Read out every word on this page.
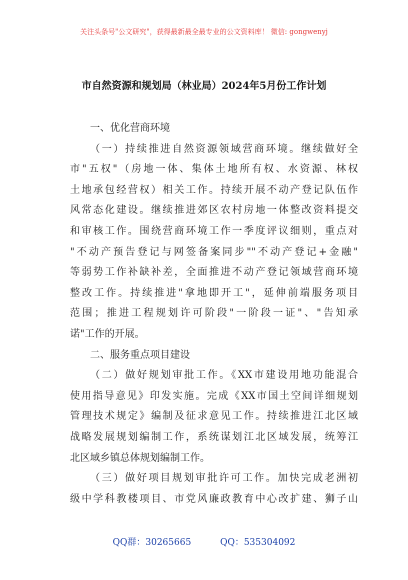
关注头条号"公文研究"，获得最新最全最专业的公文资料库！ 微信: gongwenyj
市自然资源和规划局（林业局）2024年5月份工作计划
一、优化营商环境
（一）持续推进自然资源领域营商环境。继续做好全
市"五权"（房地一体、集体土地所有权、水资源、林权
土地承包经营权）相关工作。持续开展不动产登记队伍作
风常态化建设。继续推进郊区农村房地一体整改资料提交
和审核工作。围绕营商环境工作一季度评议细则，重点对
"不动产预告登记与网签备案同步""不动产登记+金融"
等弱势工作补缺补差，全面推进不动产登记领域营商环境
整改工作。持续推进"拿地即开工"，延伸前端服务项目
范围；推进工程规划许可阶段"一阶段一证"、"告知承
诺"工作的开展。
二、服务重点项目建设
（二）做好规划审批工作。《XX市建设用地功能混合
使用指导意见》印发实施。完成《XX市国土空间详细规划
管理技术规定》编制及征求意见工作。持续推进江北区域
战略发展规划编制工作，系统谋划江北区域发展，统筹江
北区域乡镇总体规划编制工作。
（三）做好项目规划审批许可工作。加快完成老洲初
级中学科教楼项目、市党风廉政教育中心改扩建、狮子山
QQ群：30265665	QQ：535304092
